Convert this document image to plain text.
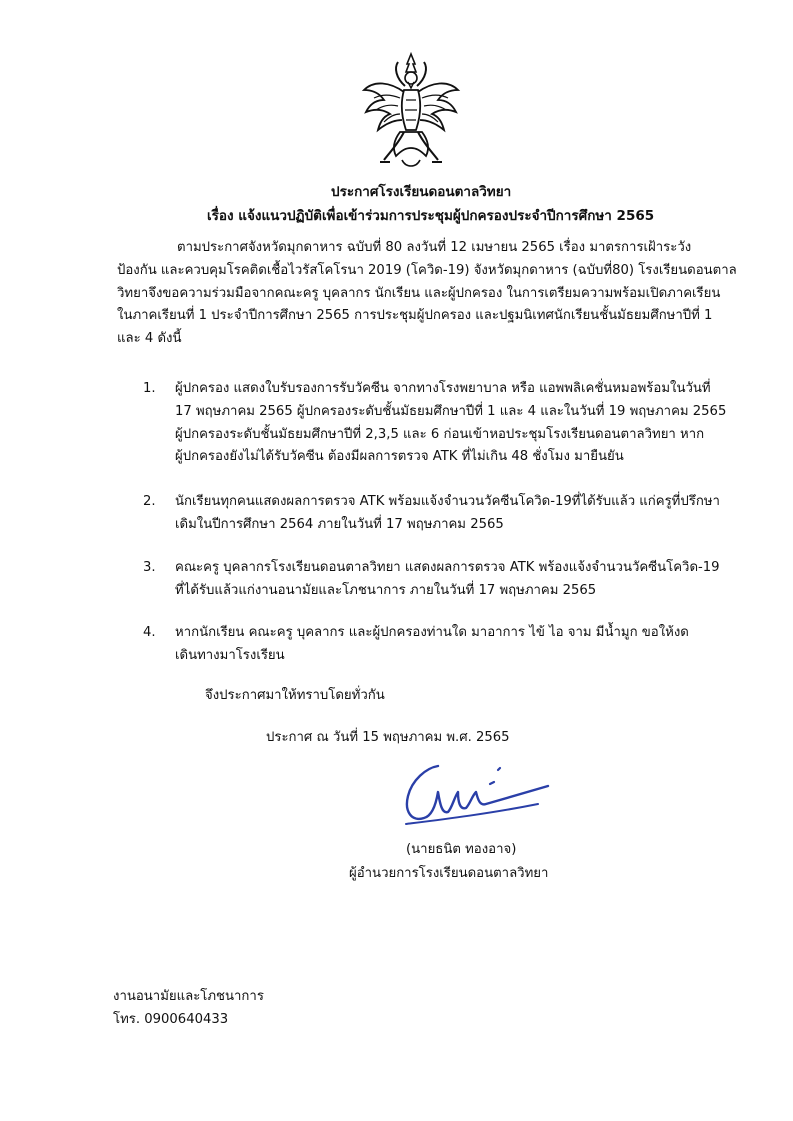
ประกาศโรงเรียนดอนตาลวิทยา
เรื่อง แจ้งแนวปฏิบัติเพื่อเข้าร่วมการประชุมผู้ปกครองประจำปีการศึกษา 2565
ตามประกาศจังหวัดมุกดาหาร ฉบับที่ 80 ลงวันที่ 12 เมษายน 2565 เรื่อง มาตรการเฝ้าระวัง
ป้องกัน และควบคุมโรคติดเชื้อไวรัสโคโรนา 2019 (โควิด-19) จังหวัดมุกดาหาร (ฉบับที่80) โรงเรียนดอนตาล
วิทยาจึงขอความร่วมมือจากคณะครู บุคลากร นักเรียน และผู้ปกครอง ในการเตรียมความพร้อมเปิดภาคเรียน
ในภาคเรียนที่ 1 ประจำปีการศึกษา 2565 การประชุมผู้ปกครอง และปฐมนิเทศนักเรียนชั้นมัธยมศึกษาปีที่ 1
และ 4 ดังนี้
1. ผู้ปกครอง แสดงใบรับรองการรับวัคซีน จากทางโรงพยาบาล หรือ แอพพลิเคชั่นหมอพร้อมในวันที่
17 พฤษภาคม 2565 ผู้ปกครองระดับชั้นมัธยมศึกษาปีที่ 1 และ 4 และในวันที่ 19 พฤษภาคม 2565
ผู้ปกครองระดับชั้นมัธยมศึกษาปีที่ 2,3,5 และ 6 ก่อนเข้าหอประชุมโรงเรียนดอนตาลวิทยา หาก
ผู้ปกครองยังไม่ได้รับวัคซีน ต้องมีผลการตรวจ ATK ที่ไม่เกิน 48 ชั่งโมง มายืนยัน
2. นักเรียนทุกคนแสดงผลการตรวจ ATK พร้อมแจ้งจำนวนวัคซีนโควิด-19ที่ได้รับแล้ว แก่ครูที่ปรึกษา
เดิมในปีการศึกษา 2564 ภายในวันที่ 17 พฤษภาคม 2565
3. คณะครู บุคลากรโรงเรียนดอนตาลวิทยา แสดงผลการตรวจ ATK พร้องแจ้งจำนวนวัคซีนโควิด-19
ที่ได้รับแล้วแก่งานอนามัยและโภชนาการ ภายในวันที่ 17 พฤษภาคม 2565
4. หากนักเรียน คณะครู บุคลากร และผู้ปกครองท่านใด มาอาการ ไข้ ไอ จาม มีน้ำมูก ขอให้งด
เดินทางมาโรงเรียน
จึงประกาศมาให้ทราบโดยทั่วกัน
ประกาศ ณ วันที่ 15 พฤษภาคม พ.ศ. 2565
(นายธนิต ทองอาจ)
ผู้อำนวยการโรงเรียนดอนตาลวิทยา
งานอนามัยและโภชนาการ
โทร. 0900640433
